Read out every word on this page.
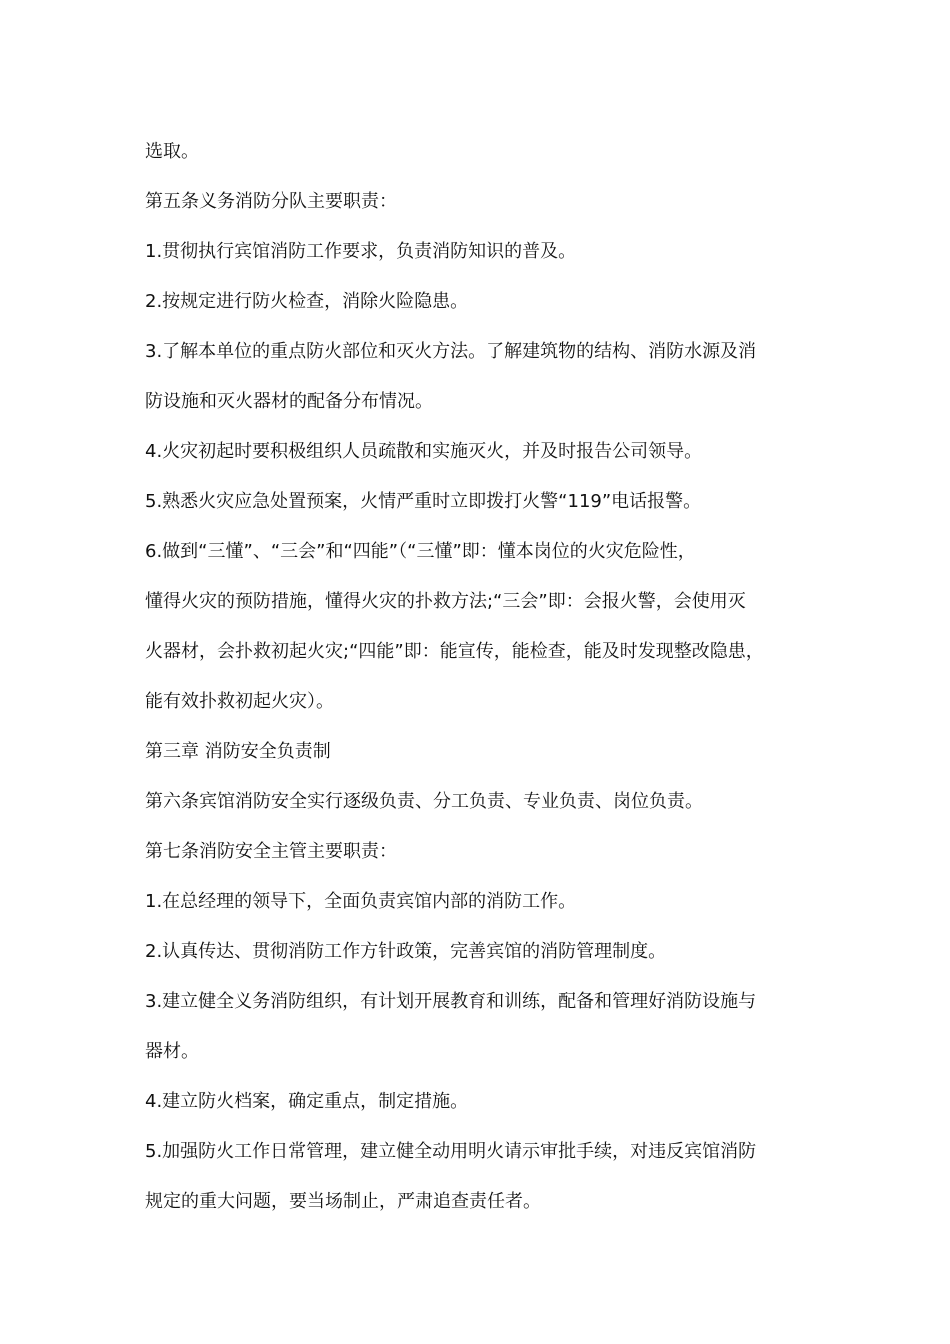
选取。
第五条义务消防分队主要职责：
1.贯彻执行宾馆消防工作要求，负责消防知识的普及。
2.按规定进行防火检查，消除火险隐患。
3.了解本单位的重点防火部位和灭火方法。了解建筑物的结构、消防水源及消
防设施和灭火器材的配备分布情况。
4.火灾初起时要积极组织人员疏散和实施灭火，并及时报告公司领导。
5.熟悉火灾应急处置预案，火情严重时立即拨打火警“119”电话报警。
6.做到“三懂”、“三会”和“四能”（“三懂”即：懂本岗位的火灾危险性，
懂得火灾的预防措施，懂得火灾的扑救方法;“三会”即：会报火警，会使用灭
火器材，会扑救初起火灾;“四能”即：能宣传，能检查，能及时发现整改隐患，
能有效扑救初起火灾）。
第三章 消防安全负责制
第六条宾馆消防安全实行逐级负责、分工负责、专业负责、岗位负责。
第七条消防安全主管主要职责：
1.在总经理的领导下，全面负责宾馆内部的消防工作。
2.认真传达、贯彻消防工作方针政策，完善宾馆的消防管理制度。
3.建立健全义务消防组织，有计划开展教育和训练，配备和管理好消防设施与
器材。
4.建立防火档案，确定重点，制定措施。
5.加强防火工作日常管理，建立健全动用明火请示审批手续，对违反宾馆消防
规定的重大问题，要当场制止，严肃追查责任者。
